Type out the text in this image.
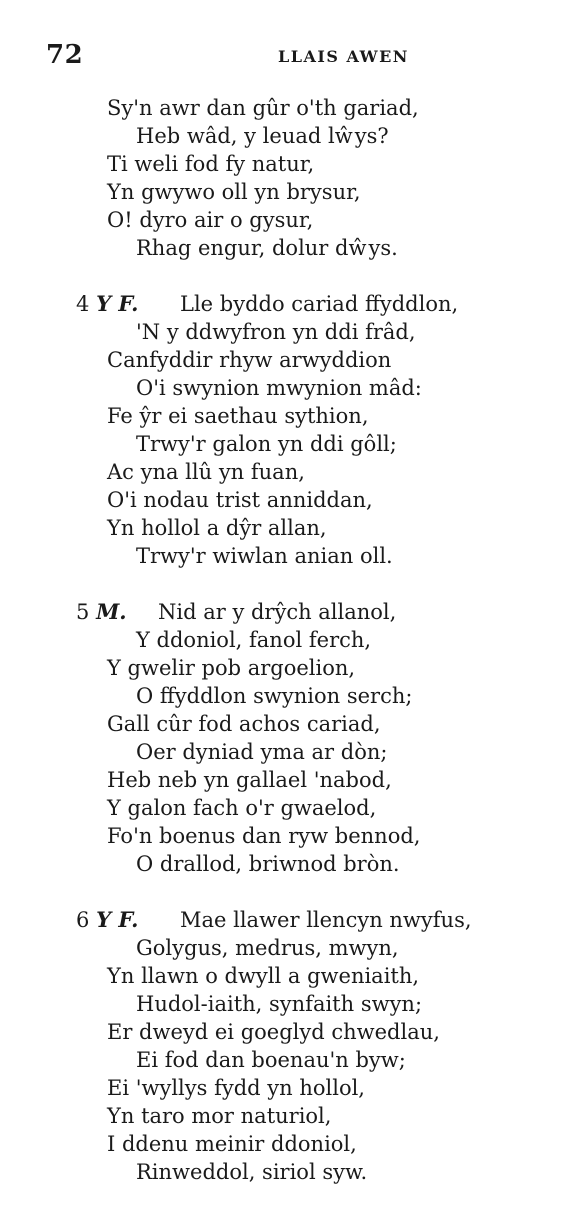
72	LLAIS AWEN
Sy'n awr dan gûr o'th gariad,
Heb wâd, y leuad lŵys?
Ti weli fod fy natur,
Yn gwywo oll yn brysur,
O! dyro air o gysur,
Rhag engur, dolur dŵys.
4 Y F. Lle byddo cariad ffyddlon,
'N y ddwyfron yn ddi frâd,
Canfyddir rhyw arwyddion
O'i swynion mwynion mâd:
Fe ŷr ei saethau sythion,
Trwy'r galon yn ddi gôll;
Ac yna llû yn fuan,
O'i nodau trist anniddan,
Yn hollol a dŷr allan,
Trwy'r wiwlan anian oll.
5 M. Nid ar y drŷch allanol,
Y ddoniol, fanol ferch,
Y gwelir pob argoelion,
O ffyddlon swynion serch;
Gall cûr fod achos cariad,
Oer dyniad yma ar dòn;
Heb neb yn gallael 'nabod,
Y galon fach o'r gwaelod,
Fo'n boenus dan ryw bennod,
O drallod, briwnod bròn.
6 Y F. Mae llawer llencyn nwyfus,
Golygus, medrus, mwyn,
Yn llawn o dwyll a gweniaith,
Hudol-iaith, synfaith swyn;
Er dweyd ei goeglyd chwedlau,
Ei fod dan boenau'n byw;
Ei 'wyllys fydd yn hollol,
Yn taro mor naturiol,
I ddenu meinir ddoniol,
Rinweddol, siriol syw.
